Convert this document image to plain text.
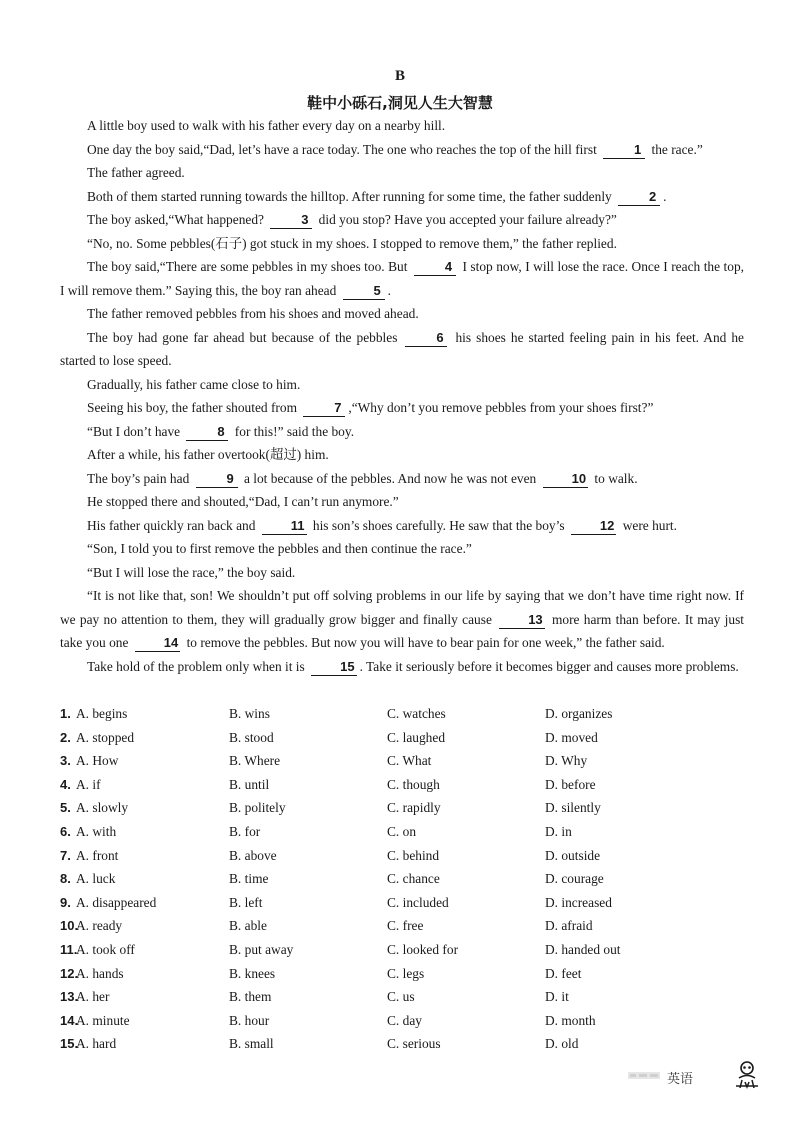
B
鞋中小砾石,洞见人生大智慧

A little boy used to walk with his father every day on a nearby hill.

One day the boy said,“Dad, let’s have a race today. The one who reaches the top of the hill first	1 the race.”

The father agreed.

Both of them started running towards the hilltop. After running for some time, the father suddenly	2 .

The boy asked,“What happened?	3 did you stop? Have you accepted your failure already?”

“No, no. Some pebbles(石子) got stuck in my shoes. I stopped to remove them,” the father replied.

The boy said,“There are some pebbles in my shoes too. But	4 I stop now, I will lose the race. Once I reach the top, I will remove them.” Saying this, the boy ran ahead	5 .

The father removed pebbles from his shoes and moved ahead.

The boy had gone far ahead but because of the pebbles	6 his shoes he started feeling pain in his feet. And he started to lose speed.

Gradually, his father came close to him.

Seeing his boy, the father shouted from	7 ,“Why don’t you remove pebbles from your shoes first?”

“But I don’t have	8 for this!” said the boy.

After a while, his father overtook(超过) him.

The boy’s pain had	9 a lot because of the pebbles. And now he was not even 10 to walk.

He stopped there and shouted,“Dad, I can’t run anymore.”

His father quickly ran back and 11 his son’s shoes carefully. He saw that the boy’s 12 were hurt.

“Son, I told you to first remove the pebbles and then continue the race.”

“But I will lose the race,” the boy said.

“It is not like that, son! We shouldn’t put off solving problems in our life by saying that we don’t have time right now. If we pay no attention to them, they will gradually grow bigger and finally cause 13 more harm than before. It may just take you one 14 to remove the pebbles. But now you will have to bear pain for one week,” the father said.

Take hold of the problem only when it is 15 . Take it seriously before it becomes bigger and causes more problems.

1. A. begins	B. wins	C. watches	D. organizes
2. A. stopped	B. stood	C. laughed	D. moved
3. A. How	B. Where	C. What	D. Why
4. A. if	B. until	C. though	D. before
5. A. slowly	B. politely	C. rapidly	D. silently
6. A. with	B. for	C. on	D. in
7. A. front	B. above	C. behind	D. outside
8. A. luck	B. time	C. chance	D. courage
9. A. disappeared	B. left	C. included	D. increased
10.
A. ready	B. able	C. free	D. afraid
11.
A. took off	B. put away	C. looked for	D. handed out
12.
A. hands	B. knees	C. legs	D. feet
13.
A. her	B. them	C. us	D. it
14.
A. minute	B. hour	C. day	D. month
15.
A. hard	B. small	C. serious	D. old
英语
